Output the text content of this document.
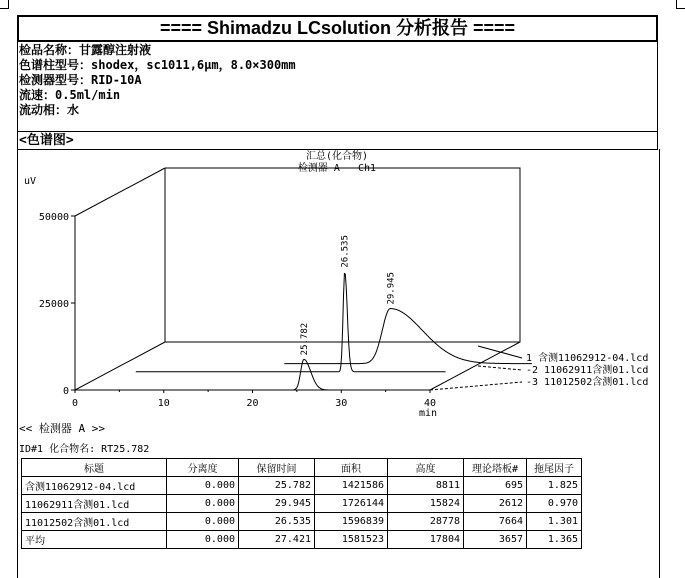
==== Shimadzu LCsolution 分析报告 ====
检品名称：甘露醇注射液
色谱柱型号：shodex，sc1011,6μm，8.0×300mm
检测器型号：RID-10A
流速：0.5ml/min
流动相：水
<色谱图>
汇总(化合物)
检测器 A - Ch1
uV
min
0	10	20	30	40
0
25000
50000
25.782
29.945
26.535
1 含测11062912-04.lcd
-2 11062911含测01.lcd
-3 11012502含测01.lcd
<< 检测器 A >>
ID#1 化合物名: RT25.782
标题	分离度	保留时间	面积	高度	理论塔板#	拖尾因子
含测11062912-04.lcd	0.000	25.782	1421586	8811	695	1.825
11062911含测01.lcd	0.000	29.945	1726144	15824	2612	0.970
11012502含测01.lcd	0.000	26.535	1596839	28778	7664	1.301
平均	0.000	27.421	1581523	17804	3657	1.365
